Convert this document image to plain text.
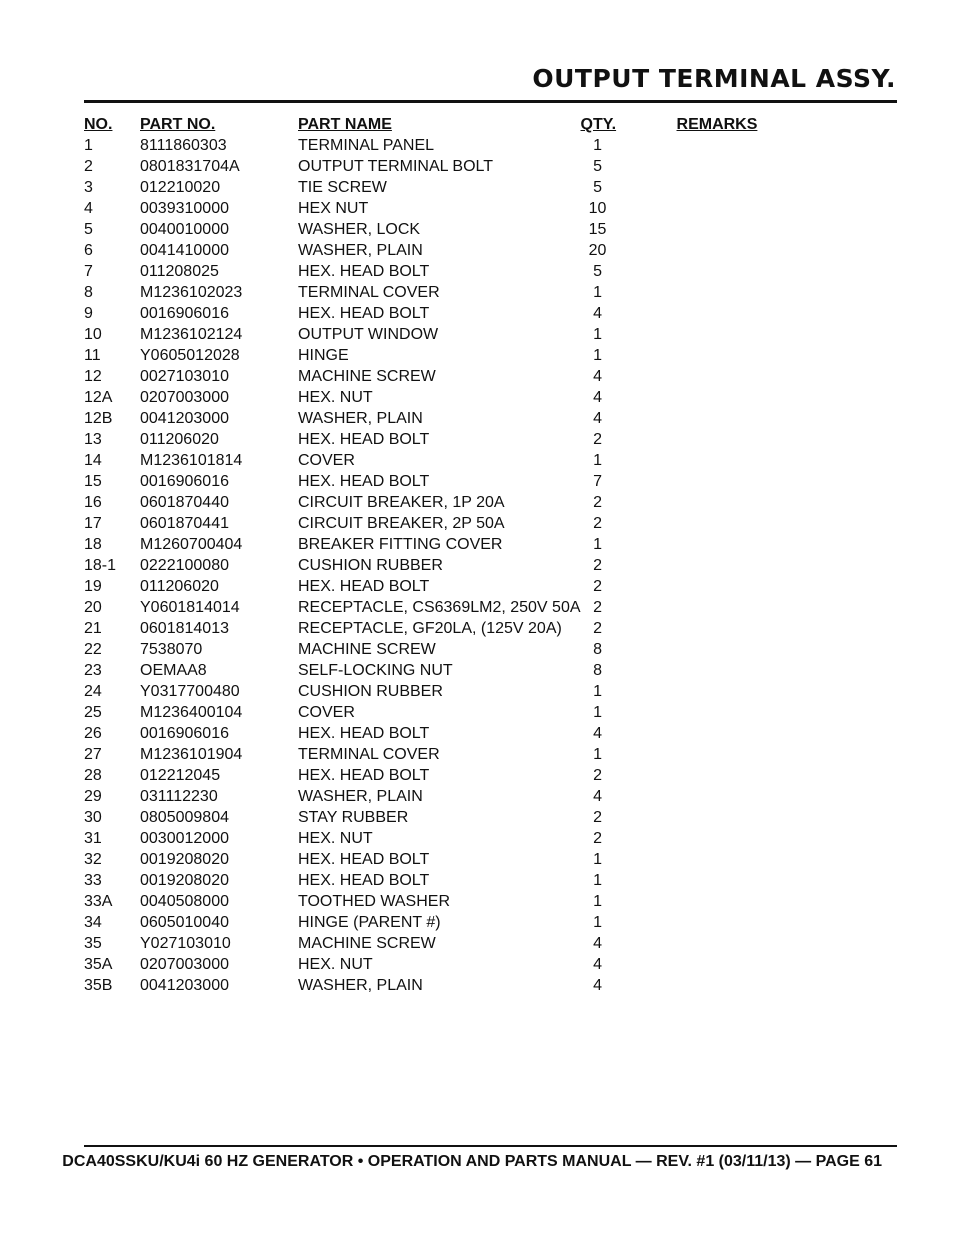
OUTPUT TERMINAL ASSY.
NO.	PART NO.	PART NAME	QTY.	REMARKS
1	8111860303	TERMINAL PANEL	1	
2	0801831704A	OUTPUT TERMINAL BOLT	5	
3	012210020	TIE SCREW	5	
4	0039310000	HEX NUT	10	
5	0040010000	WASHER, LOCK	15	
6	0041410000	WASHER, PLAIN	20	
7	011208025	HEX. HEAD BOLT	5	
8	M1236102023	TERMINAL COVER	1	
9	0016906016	HEX. HEAD BOLT	4	
10	M1236102124	OUTPUT WINDOW	1	
11	Y0605012028	HINGE	1	
12	0027103010	MACHINE SCREW	4	
12A	0207003000	HEX. NUT	4	
12B	0041203000	WASHER, PLAIN	4	
13	011206020	HEX. HEAD BOLT	2	
14	M1236101814	COVER	1	
15	0016906016	HEX. HEAD BOLT	7	
16	0601870440	CIRCUIT BREAKER, 1P 20A	2	
17	0601870441	CIRCUIT BREAKER, 2P 50A	2	
18	M1260700404	BREAKER FITTING COVER	1	
18-1	0222100080	CUSHION RUBBER	2	
19	011206020	HEX. HEAD BOLT	2	
20	Y0601814014	RECEPTACLE, CS6369LM2, 250V 50A	2	
21	0601814013	RECEPTACLE, GF20LA, (125V 20A)	2	
22	7538070	MACHINE SCREW	8	
23	OEMAA8	SELF-LOCKING NUT	8	
24	Y0317700480	CUSHION RUBBER	1	
25	M1236400104	COVER	1	
26	0016906016	HEX. HEAD BOLT	4	
27	M1236101904	TERMINAL COVER	1	
28	012212045	HEX. HEAD BOLT	2	
29	031112230	WASHER, PLAIN	4	
30	0805009804	STAY RUBBER	2	
31	0030012000	HEX. NUT	2	
32	0019208020	HEX. HEAD BOLT	1	
33	0019208020	HEX. HEAD BOLT	1	
33A	0040508000	TOOTHED WASHER	1	
34	0605010040	HINGE (PARENT #)	1	
35	Y027103010	MACHINE SCREW	4	
35A	0207003000	HEX. NUT	4	
35B	0041203000	WASHER, PLAIN	4	
DCA40SSKU/KU4i 60 HZ GENERATOR • OPERATION AND PARTS MANUAL — REV. #1 (03/11/13) — PAGE 61
